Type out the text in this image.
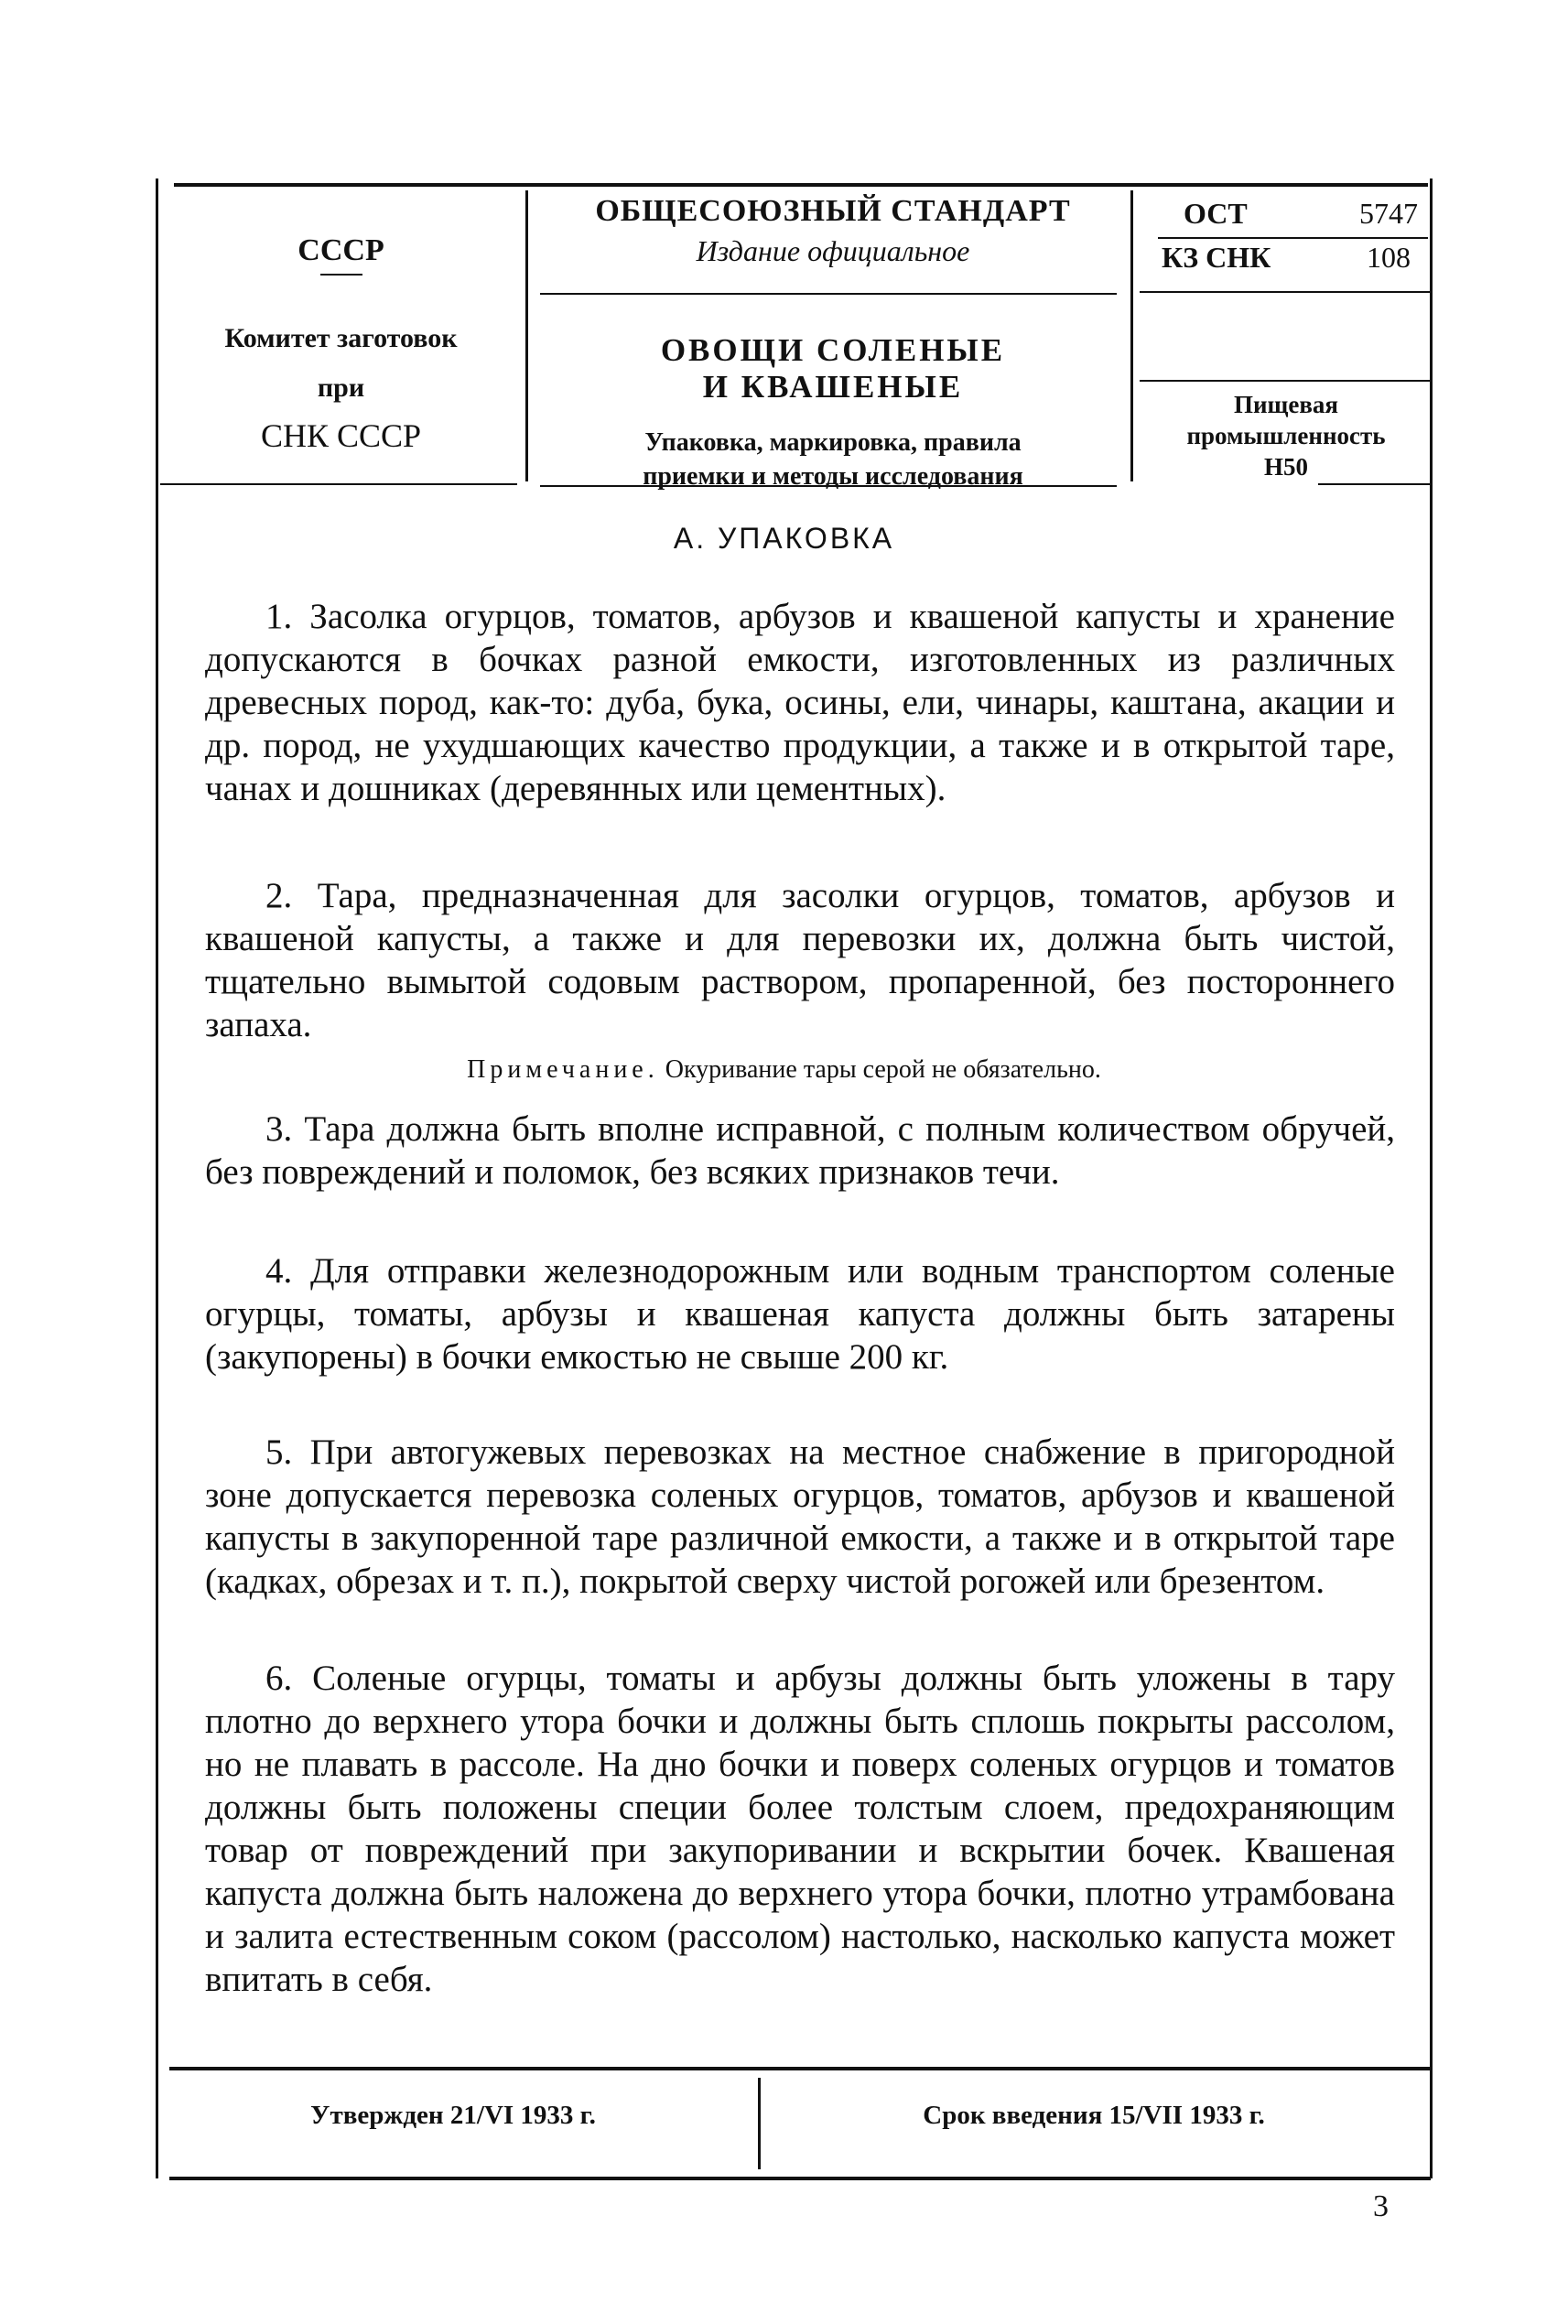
СССР
Комитет заготовок
при
СНК СССР
ОБЩЕСОЮЗНЫЙ СТАНДАРТ
Издание официальное
ОВОЩИ СОЛЕНЫЕ
И КВАШЕНЫЕ
Упаковка, маркировка, правила
приемки и методы исследования
ОСТ	5747
КЗ СНК	108
Пищевая
промышленность
Н50
А. УПАКОВКА

1. Засолка огурцов, томатов, арбузов и квашеной капусты и хранение допускаются в бочках разной емкости, изготовленных из различных древесных пород, как-то: дуба, бука, осины, ели, чинары, каштана, акации и др. пород, не ухудшающих качество продукции, а также и в открытой таре, чанах и дошниках (деревянных или цементных).

2. Тара, предназначенная для засолки огурцов, томатов, арбузов и квашеной капусты, а также и для перевозки их, должна быть чистой, тщательно вымытой содовым раствором, пропаренной, без постороннего запаха.

Примечание. Окуривание тары серой не обязательно.

3. Тара должна быть вполне исправной, с полным количеством обручей, без повреждений и поломок, без всяких признаков течи.

4. Для отправки железнодорожным или водным транспортом соленые огурцы, томаты, арбузы и квашеная капуста должны быть затарены (закупорены) в бочки емкостью не свыше 200 кг.

5. При автогужевых перевозках на местное снабжение в пригородной зоне допускается перевозка соленых огурцов, томатов, арбузов и квашеной капусты в закупоренной таре различной емкости, а также и в открытой таре (кадках, обрезах и т. п.), покрытой сверху чистой рогожей или брезентом.

6. Соленые огурцы, томаты и арбузы должны быть уложены в тару плотно до верхнего утора бочки и должны быть сплошь покрыты рассолом, но не плавать в рассоле. На дно бочки и поверх соленых огурцов и томатов должны быть положены специи более толстым слоем, предохраняющим товар от повреждений при закупоривании и вскрытии бочек. Квашеная капуста должна быть наложена до верхнего утора бочки, плотно утрамбована и залита естественным соком (рассолом) настолько, насколько капуста может впитать в себя.

Утвержден 21/VI 1933 г.	Срок введения 15/VII 1933 г.
3
